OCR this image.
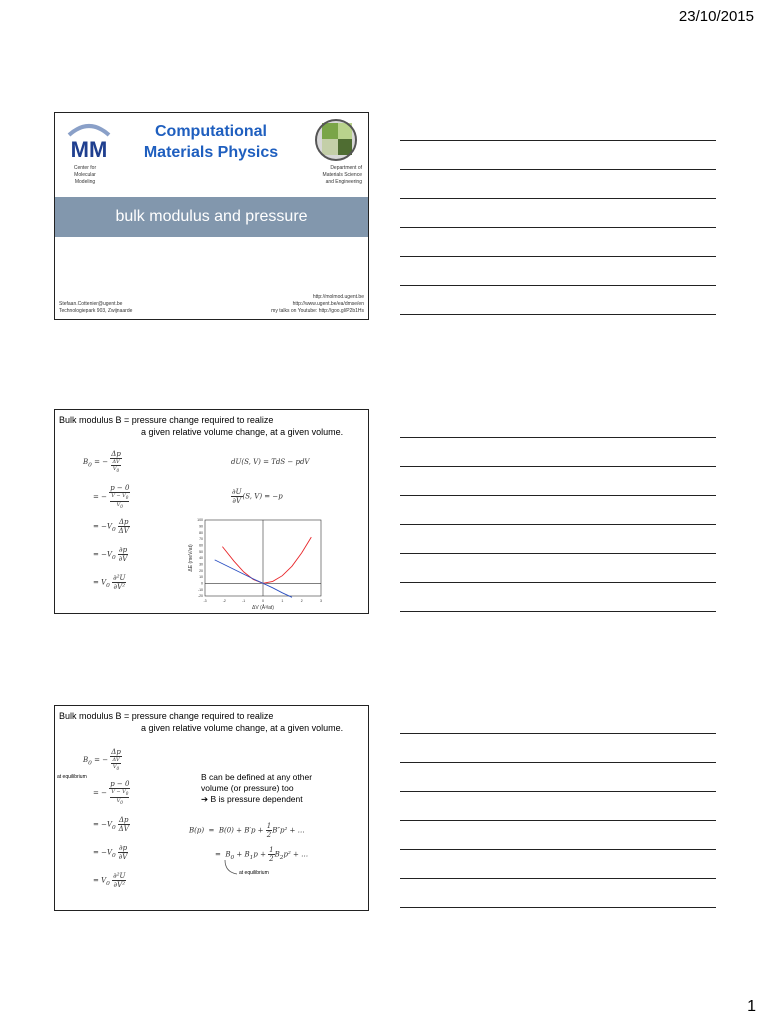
23/10/2015
MM
Center for
Molecular
Modeling
Computational
Materials Physics
Department of
Materials Science
and Engineering
bulk modulus and pressure
Stefaan.Cottenier@ugent.be
Technologiepark 903, Zwijnaarde
http://molmod.ugent.be
http://www.ugent.be/ea/dmse/en
my talks on Youtube: http://goo.gl/P2b1Hs
Bulk modulus B = pressure change required to realize
a given relative volume change, at a given volume.
$B_0$ = − $\frac{\Delta p}{\frac{\Delta V}{V_0}}$
= − $\frac{p - 0}{\frac{V - V_0}{V_0}}$
= $-V_0 \frac{\Delta p}{\Delta V}$
= $-V_0 \frac{\partial p}{\partial V}$
= $V_0 \frac{\text{∂²U}}{\text{∂V²}}$
dU(S, V) = TdS − pdV
$\frac{\partial U}{\partial V} (S$, V) = −p
-3	-2	-1	0	1	2	3
-20
-10
0
10
20
30
40
50
60
70
80
90
100
ΔV (Å³/at)
ΔE (meV/at)
Bulk modulus B = pressure change required to realize
a given relative volume change, at a given volume.
$B_0$ = − $\frac{\Delta p}{\frac{\Delta V}{V_0}}$
at equilibrium
= − $\frac{p - 0}{\frac{V - V_0}{V_0}}$
= $-V_0 \frac{\Delta p}{\Delta V}$
= $-V_0 \frac{\partial p}{\partial V}$
= $V_0 \frac{\text{∂²U}}{\text{∂V²}}$
B can be defined at any other
volume (or pressure) too
➔ B is pressure dependent
$B(p) = B(0) + B'p + \frac{1}{2} B''p^2$ + …
=  $B_0 + B_1p + \frac{1}{2} B_2p^2$ + …
at equilibrium
1
